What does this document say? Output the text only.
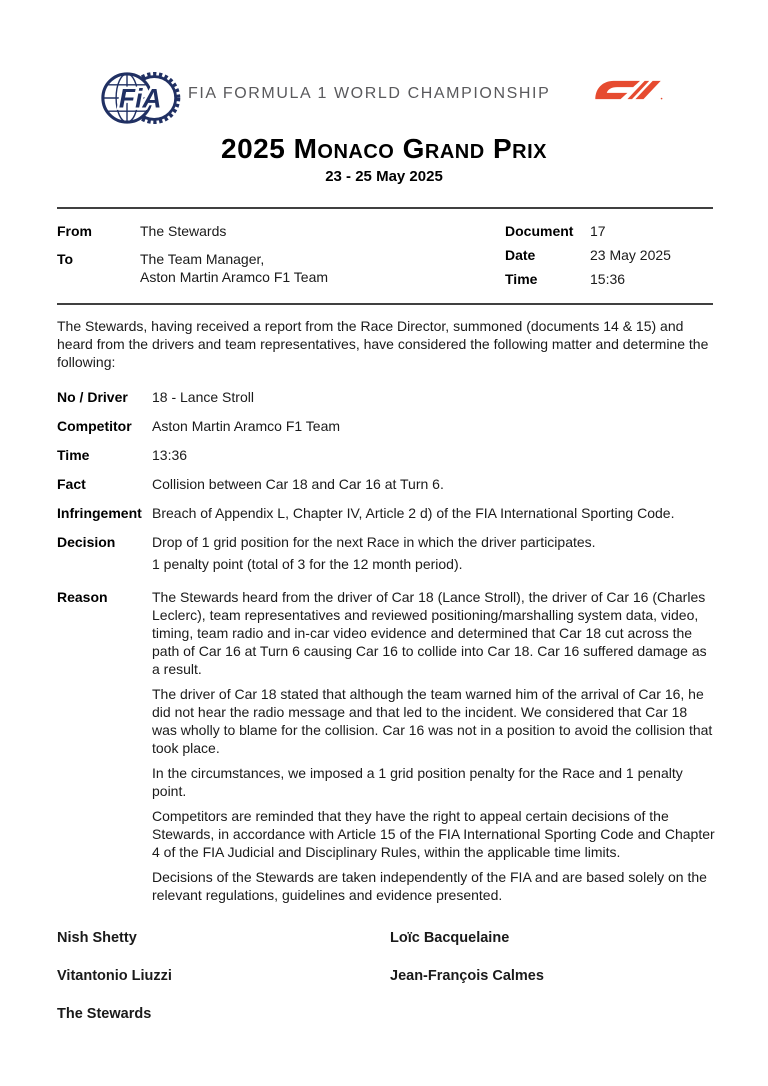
FiA FIA FORMULA 1 WORLD CHAMPIONSHIP
2025 Monaco Grand Prix
23 - 25 May 2025
From	The Stewards
To	The Team Manager,
Aston Martin Aramco F1 Team
Document	17
Date	23 May 2025
Time	15:36

The Stewards, having received a report from the Race Director, summoned (documents 14 & 15) and heard from the drivers and team representatives, have considered the following matter and determine the following:

No / Driver	18 - Lance Stroll
Competitor	Aston Martin Aramco F1 Team
Time	13:36
Fact	Collision between Car 18 and Car 16 at Turn 6.
Infringement Breach of Appendix L, Chapter IV, Article 2 d) of the FIA International Sporting Code.
Decision	Drop of 1 grid position for the next Race in which the driver participates.
1 penalty point (total of 3 for the 12 month period).
Reason	The Stewards heard from the driver of Car 18 (Lance Stroll), the driver of Car 16 (Charles Leclerc), team representatives and reviewed positioning/marshalling system data, video, timing, team radio and in-car video evidence and determined that Car 18 cut across the path of Car 16 at Turn 6 causing Car 16 to collide into Car 18. Car 16 suffered damage as a result.

The driver of Car 18 stated that although the team warned him of the arrival of Car 16, he did not hear the radio message and that led to the incident. We considered that Car 18 was wholly to blame for the collision. Car 16 was not in a position to avoid the collision that took place.

In the circumstances, we imposed a 1 grid position penalty for the Race and 1 penalty point.

Competitors are reminded that they have the right to appeal certain decisions of the Stewards, in accordance with Article 15 of the FIA International Sporting Code and Chapter 4 of the FIA Judicial and Disciplinary Rules, within the applicable time limits.

Decisions of the Stewards are taken independently of the FIA and are based solely on the relevant regulations, guidelines and evidence presented.

Nish Shetty	Loïc Bacquelaine
Vitantonio Liuzzi	Jean-François Calmes
The Stewards
